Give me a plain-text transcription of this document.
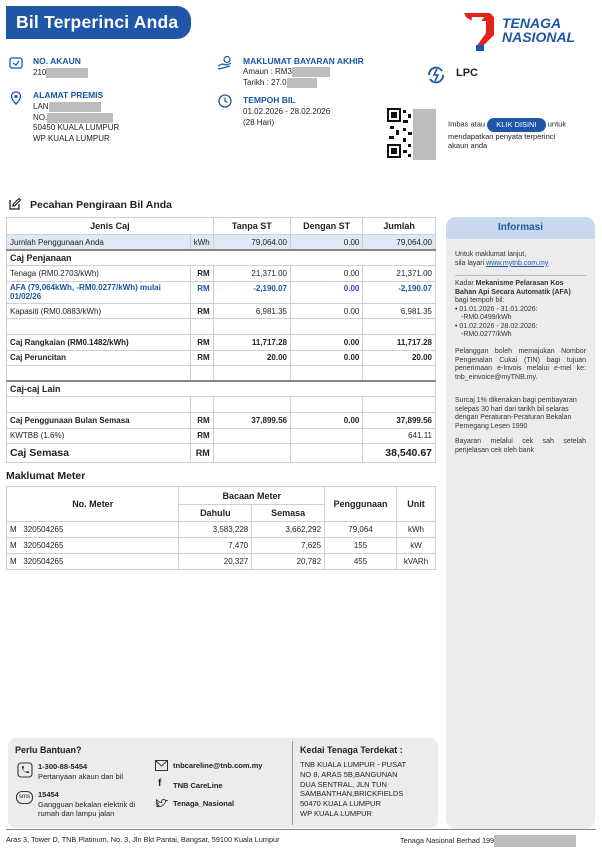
Bil Terperinci Anda	TENAGA
NASIONAL
NO. AKAUN
210
ALAMAT PREMIS
LAN
NO.
50450 KUALA LUMPUR
WP KUALA LUMPUR
MAKLUMAT BAYARAN AKHIR
Amaun : RM3
Tarikh : 27.0
TEMPOH BIL
01.02.2026 - 28.02.2026
(28 Hari)
LPC
Imbas atau KLIK DISINI untuk
mendapatkan penyata terperinci
akaun anda
Pecahan Pengiraan Bil Anda
Jenis Caj		Tanpa ST	Dengan ST	Jumlah
Jumlah Penggunaan Anda	kWh	79,064.00	0.00	79,064.00
Caj Penjanaan				
Tenaga (RM0.2703/kWh)	RM	21,371.00	0.00	21,371.00
AFA (79,064kWh, -RM0.0277/kWh) mulai 01/02/26	RM	-2,190.07	0.00	-2,190.07
Kapasiti (RM0.0883/kWh)	RM	6,981.35	0.00	6,981.35

Caj Rangkaian (RM0.1482/kWh)	RM	11,717.28	0.00	11,717.28
Caj Peruncitan	RM	20.00	0.00	20.00

Caj-caj Lain				

Caj Penggunaan Bulan Semasa	RM	37,899.56	0.00	37,899.56
KWTBB (1.6%)	RM			641.11
Caj Semasa	RM			38,540.67
Maklumat Meter
No. Meter	Bacaan Meter		Penggunaan	Unit
	Dahulu	Semasa		
M 320504265	3,583,228	3,662,292	79,064	kWh
M 320504265	7,470	7,625	155	kW
M 320504265	20,327	20,782	455	kVARh
Informasi
Untuk maklumat lanjut,
sila layari www.mytnb.com.my
Kadar Mekanisme Pelarasan Kos Bahan Api Secara Automatik (AFA)
bagi tempoh bil:
• 01.01.2026 - 31.01.2026:
-RM0.0499/kWh
• 01.02.2026 - 28.02.2026:
-RM0.0277/kWh
Pelanggan boleh memajukan Nombor Pengenalan Cukai (TIN) bagi tujuan penerimaan e-Invois melalui e-mel ke: tnb_einvoice@myTNB.my.
Surcaj 1% dikenakan bagi pembayaran selepas 30 hari dari tarikh bil selaras dengan Peraturan-Peraturan Bekalan Pemegang Lesen 1990
Bayaran melalui cek sah setelah penjelasan cek oleh bank
Perlu Bantuan?
1-300-88-5454
Pertanyaan akaun dan bil
sms	15454
Gangguan bekalan elektrik di
rumah dan lampu jalan
tnbcareline@tnb.com.my
f TNB CareLine
Tenaga_Nasional
Kedai Tenaga Terdekat :
TNB KUALA LUMPUR - PUSAT
NO 8, ARAS 5B,BANGUNAN
DUA SENTRAL, JLN TUN
SAMBANTHAN,BRICKFIELDS
50470 KUALA LUMPUR
WP KUALA LUMPUR
Aras 3, Tower D, TNB Platinum, No. 3, Jln Bkt Pantai, Bangsar, 59100 Kuala Lumpur	Tenaga Nasional Berhad 199
